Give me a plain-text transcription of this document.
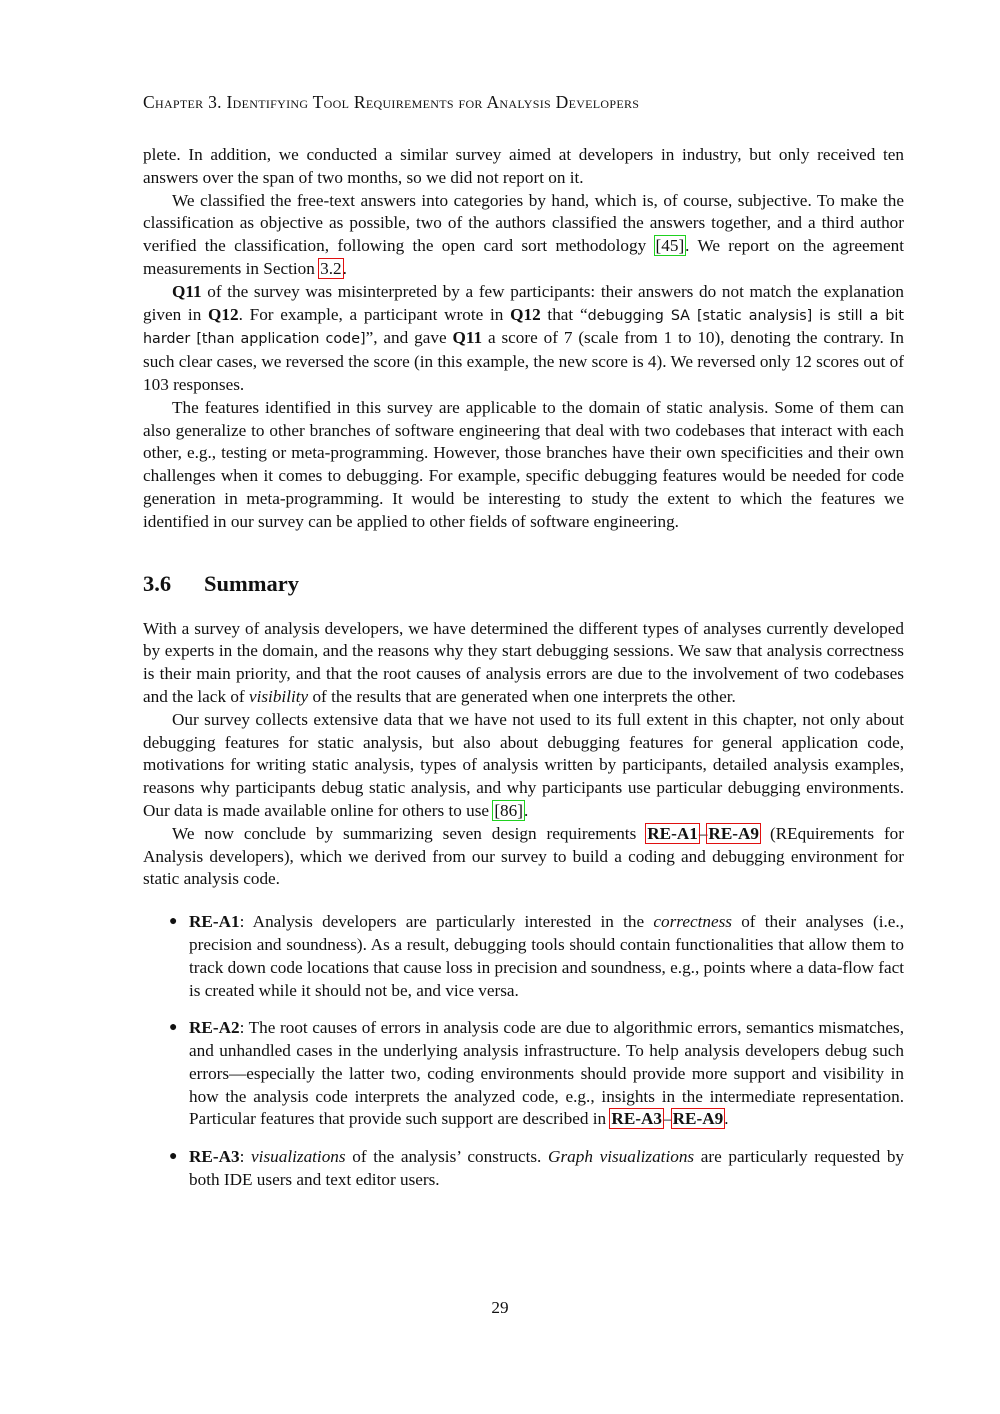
Chapter 3. Identifying Tool Requirements for Analysis Developers

plete. In addition, we conducted a similar survey aimed at developers in industry, but only received ten answers over the span of two months, so we did not report on it.

We classified the free-text answers into categories by hand, which is, of course, subjective. To make the classification as objective as possible, two of the authors classified the answers together, and a third author verified the classification, following the open card sort methodology [45]. We report on the agreement measurements in Section 3.2.

Q11 of the survey was misinterpreted by a few participants: their answers do not match the explanation given in Q12. For example, a participant wrote in Q12 that “debugging SA [static analysis] is still a bit harder [than application code]”, and gave Q11 a score of 7 (scale from 1 to 10), denoting the contrary. In such clear cases, we reversed the score (in this example, the new score is 4). We reversed only 12 scores out of 103 responses.

The features identified in this survey are applicable to the domain of static analysis. Some of them can also generalize to other branches of software engineering that deal with two codebases that interact with each other, e.g., testing or meta-programming. However, those branches have their own specificities and their own challenges when it comes to debugging. For example, specific debugging features would be needed for code generation in meta-programming. It would be interesting to study the extent to which the features we identified in our survey can be applied to other fields of software engineering.

3.6 Summary

With a survey of analysis developers, we have determined the different types of analyses currently developed by experts in the domain, and the reasons why they start debugging sessions. We saw that analysis correctness is their main priority, and that the root causes of analysis errors are due to the involvement of two codebases and the lack of visibility of the results that are generated when one interprets the other.

Our survey collects extensive data that we have not used to its full extent in this chapter, not only about debugging features for static analysis, but also about debugging features for general application code, motivations for writing static analysis, types of analysis written by participants, detailed analysis examples, reasons why participants debug static analysis, and why participants use particular debugging environments. Our data is made available online for others to use [86].

We now conclude by summarizing seven design requirements RE-A1–RE-A9 (REquirements for Analysis developers), which we derived from our survey to build a coding and debugging environment for static analysis code.

● RE-A1: Analysis developers are particularly interested in the correctness of their analyses (i.e., precision and soundness). As a result, debugging tools should contain functionalities that allow them to track down code locations that cause loss in precision and soundness, e.g., points where a data-flow fact is created while it should not be, and vice versa.
● RE-A2: The root causes of errors in analysis code are due to algorithmic errors, semantics mismatches, and unhandled cases in the underlying analysis infrastructure. To help analysis developers debug such errors—especially the latter two, coding environments should provide more support and visibility in how the analysis code interprets the analyzed code, e.g., insights in the intermediate representation. Particular features that provide such support are described in RE-A3–RE-A9.
● RE-A3: visualizations of the analysis’ constructs. Graph visualizations are particularly requested by both IDE users and text editor users.
29
